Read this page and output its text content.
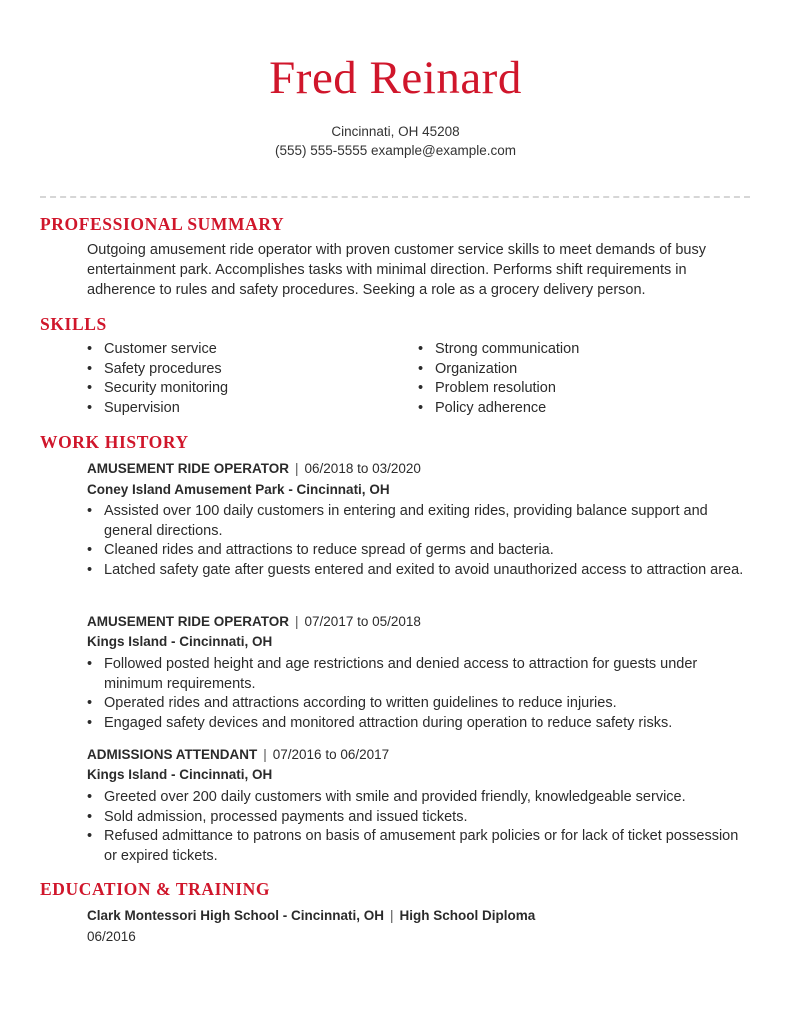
Fred Reinard
Cincinnati, OH 45208
(555) 555-5555 example@example.com
PROFESSIONAL SUMMARY
Outgoing amusement ride operator with proven customer service skills to meet demands of busy entertainment park. Accomplishes tasks with minimal direction. Performs shift requirements in adherence to rules and safety procedures. Seeking a role as a grocery delivery person.
SKILLS
• Customer service
• Safety procedures
• Security monitoring
• Supervision
• Strong communication
• Organization
• Problem resolution
• Policy adherence
WORK HISTORY
AMUSEMENT RIDE OPERATOR | 06/2018 to 03/2020
Coney Island Amusement Park - Cincinnati, OH
• Assisted over 100 daily customers in entering and exiting rides, providing balance support and general directions.
• Cleaned rides and attractions to reduce spread of germs and bacteria.
• Latched safety gate after guests entered and exited to avoid unauthorized access to attraction area.
AMUSEMENT RIDE OPERATOR | 07/2017 to 05/2018
Kings Island - Cincinnati, OH
• Followed posted height and age restrictions and denied access to attraction for guests under minimum requirements.
• Operated rides and attractions according to written guidelines to reduce injuries.
• Engaged safety devices and monitored attraction during operation to reduce safety risks.
ADMISSIONS ATTENDANT | 07/2016 to 06/2017
Kings Island - Cincinnati, OH
• Greeted over 200 daily customers with smile and provided friendly, knowledgeable service.
• Sold admission, processed payments and issued tickets.
• Refused admittance to patrons on basis of amusement park policies or for lack of ticket possession or expired tickets.
EDUCATION & TRAINING
Clark Montessori High School - Cincinnati, OH | High School Diploma
06/2016
